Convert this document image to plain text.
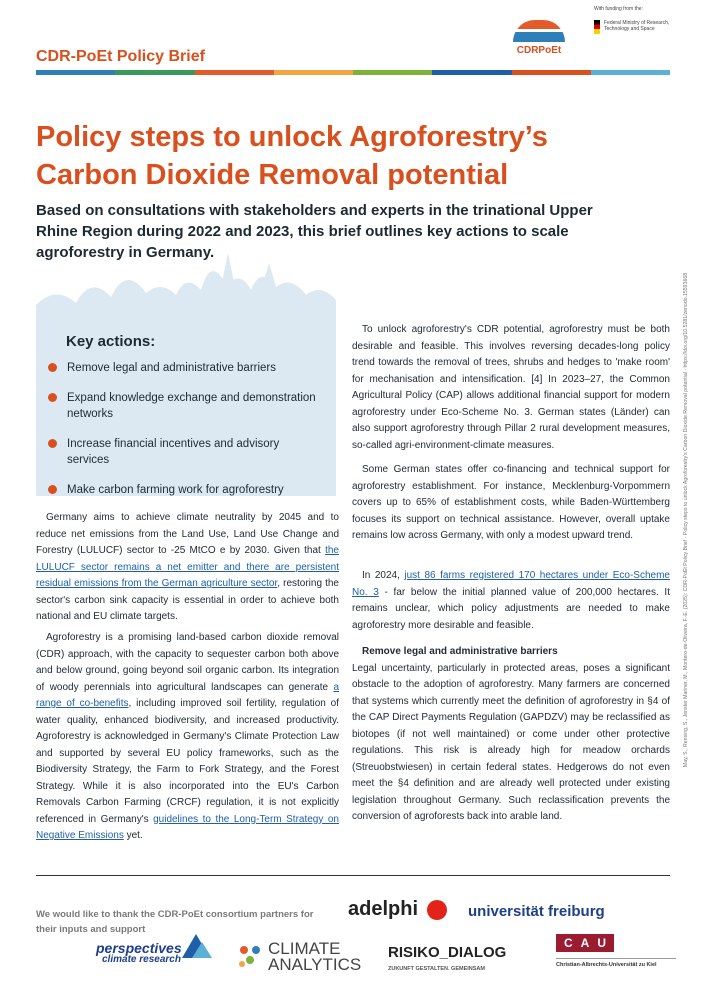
CDR-PoEt Policy Brief	CDRPoEt
With funding from the:
Federal Ministry of Research, Technology and Space
Policy steps to unlock Agroforestry’s Carbon Dioxide Removal potential
Based on consultations with stakeholders and experts in the trinational Upper Rhine Region during 2022 and 2023, this brief outlines key actions to scale agroforestry in Germany.
Key actions:
Remove legal and administrative barriers
Expand knowledge exchange and demonstration networks
Increase financial incentives and advisory services
Make carbon farming work for agroforestry

Germany aims to achieve climate neutrality by 2045 and to reduce net emissions from the Land Use, Land Use Change and Forestry (LULUCF) sector to -25 MtCO e by 2030. Given that the LULUCF sector remains a net emitter and there are persistent residual emissions from the German agriculture sector, restoring the sector's carbon sink capacity is essential in order to achieve both national and EU climate targets.

Agroforestry is a promising land-based carbon dioxide removal (CDR) approach, with the capacity to sequester carbon both above and below ground, going beyond soil organic carbon. Its integration of woody perennials into agricultural landscapes can generate a range of co-benefits, including improved soil fertility, regulation of water quality, enhanced biodiversity, and increased productivity. Agroforestry is acknowledged in Germany's Climate Protection Law and supported by several EU policy frameworks, such as the Biodiversity Strategy, the Farm to Fork Strategy, and the Forest Strategy. While it is also incorporated into the EU's Carbon Removals Carbon Farming (CRCF) regulation, it is not explicitly referenced in Germany's guidelines to the Long-Term Strategy on Negative Emissions yet.

To unlock agroforestry's CDR potential, agroforestry must be both desirable and feasible. This involves reversing decades-long policy trend towards the removal of trees, shrubs and hedges to 'make room' for mechanisation and intensification. [4] In 2023–27, the Common Agricultural Policy (CAP) allows additional financial support for modern agroforestry under Eco-Scheme No. 3. German states (Länder) can also support agroforestry through Pillar 2 rural development measures, so-called agri-environment-climate measures.

Some German states offer co-financing and technical support for agroforestry establishment. For instance, Mecklenburg-Vorpommern covers up to 65% of establishment costs, while Baden-Württemberg focuses its support on technical assistance. However, overall uptake remains low across Germany, with only a modest upward trend.

In 2024, just 86 farms registered 170 hectares under Eco-Scheme No. 3 - far below the initial planned value of 200,000 hectares. It remains unclear, which policy adjustments are needed to make agroforestry more desirable and feasible.

Remove legal and administrative barriers
Legal uncertainty, particularly in protected areas, poses a significant obstacle to the adoption of agroforestry. Many farmers are concerned that systems which currently meet the definition of agroforestry in §4 of the CAP Direct Payments Regulation (GAPDZV) may be reclassified as biotopes (if not well maintained) or come under other protective regulations. This risk is already high for meadow orchards (Streuobstwiesen) in certain federal states. Hedgerows do not even meet the §4 definition and are already well protected under existing legislation throughout Germany. Such reclassification prevents the conversion of agroforests back into arable land.
May, S., Rensing, S., Jenster Mariner, M., Montero-de-Oliveira, F.-E. (2025): CDR-PoEt Policy Brief - Policy steps to unlock Agroforestry's Carbon Dioxide Removal potential · https://doi.org/10.5281/zenodo.15593668
We would like to thank the CDR-PoEt consortium partners for their inputs and support
adelphi	universität freiburg
perspectives
climate research
CLIMATE
ANALYTICS
RISIKO_DIALOG
ZUKUNFT GESTALTEN. GEMEINSAM
CAU
Christian-Albrechts-Universität zu Kiel
